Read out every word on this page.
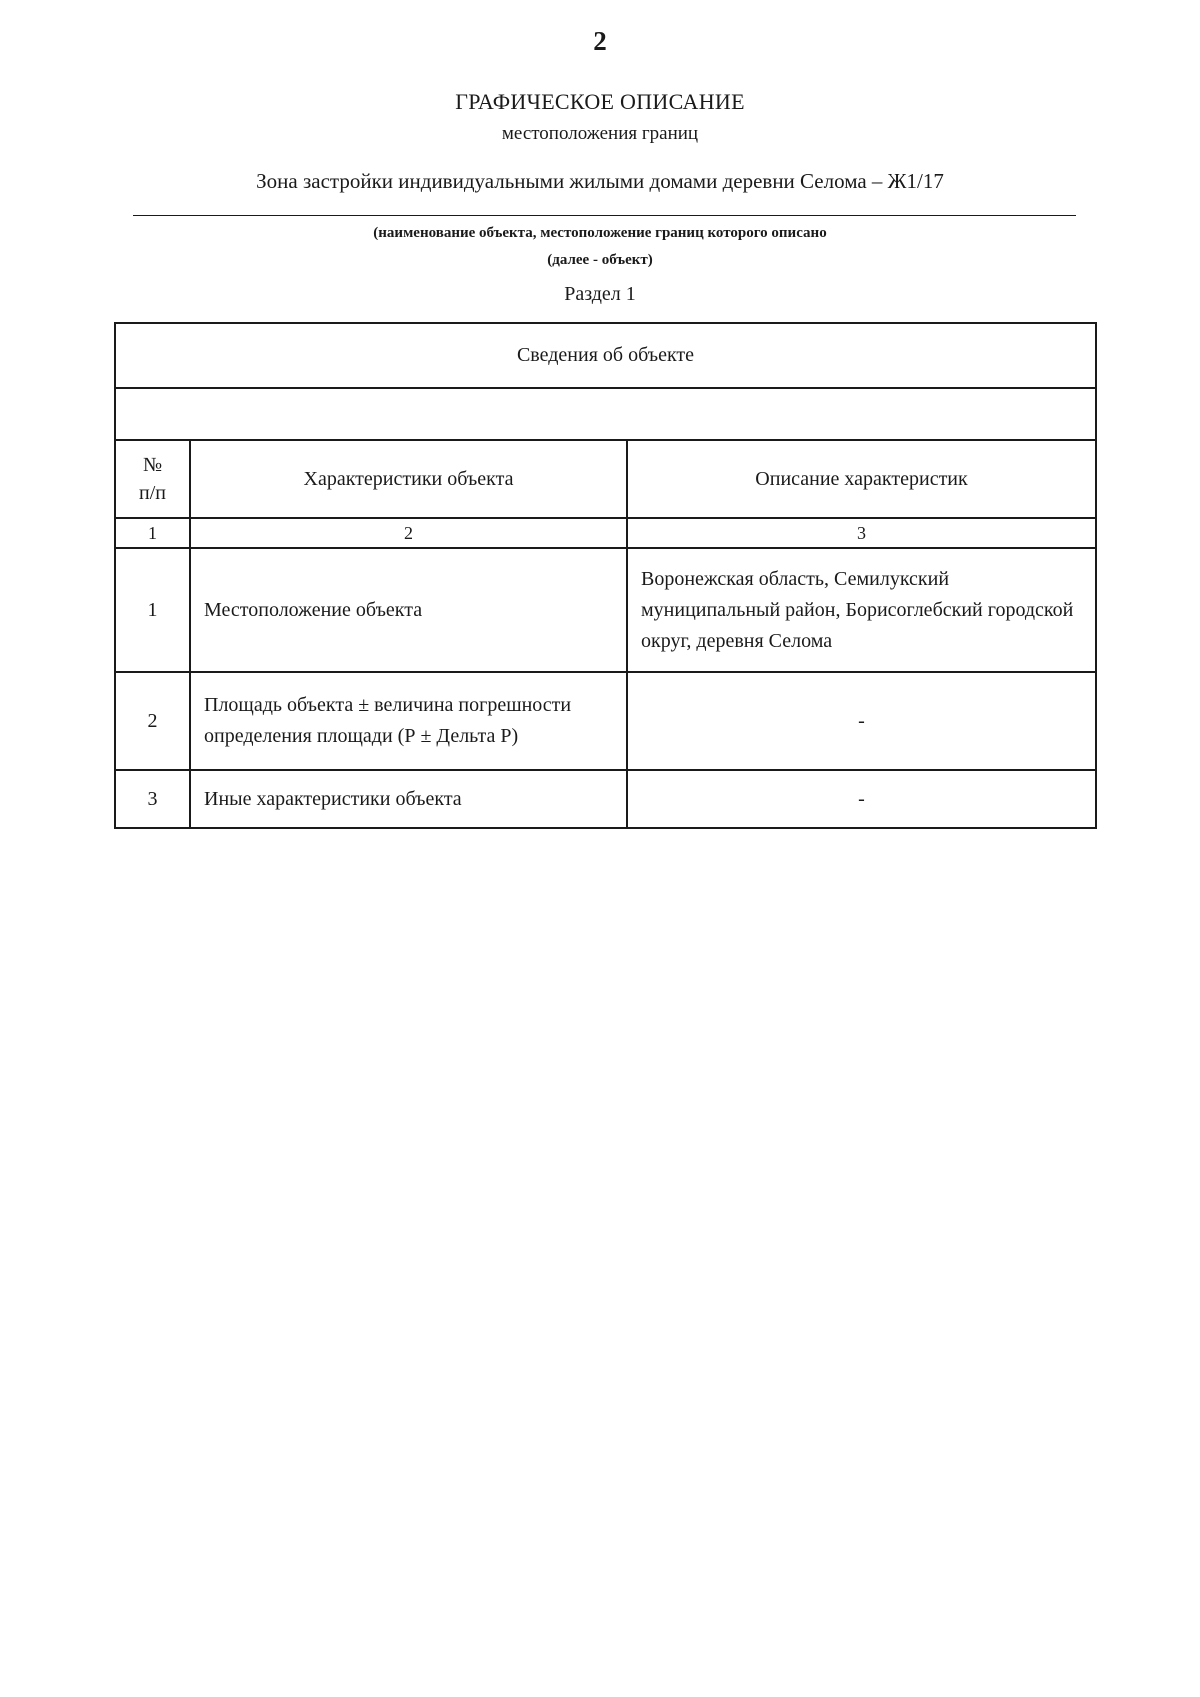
2
ГРАФИЧЕСКОЕ ОПИСАНИЕ
местоположения границ
Зона застройки индивидуальными жилыми домами деревни Селома – Ж1/17
(наименование объекта, местоположение границ которого описано
(далее - объект)
Раздел 1
Сведения об объекте		

№
п/п	Характеристики объекта	Описание характеристик
1	2	3
1	Местоположение объекта	Воронежская область, Семилукский муниципальный район, Борисоглебский городской округ, деревня Селома
2	Площадь объекта ± величина погрешности определения площади (Р ± Дельта Р)	-
3	Иные характеристики объекта	-
